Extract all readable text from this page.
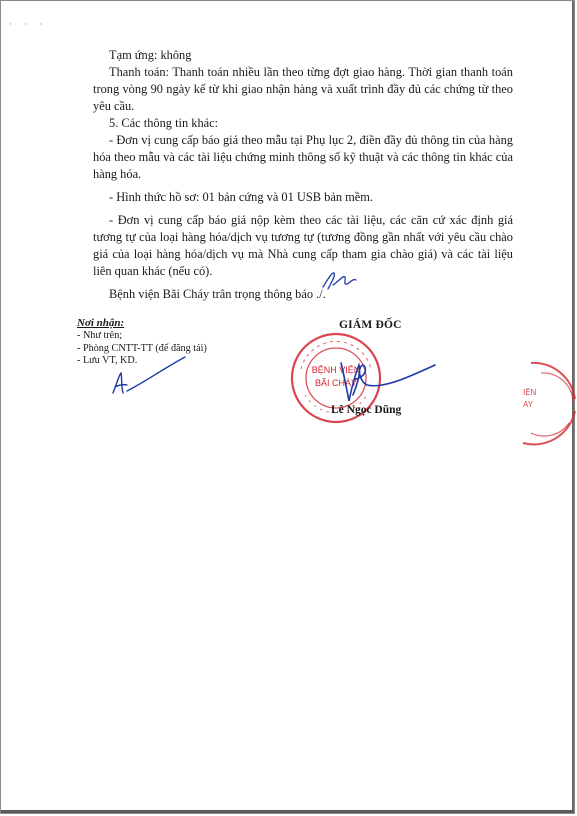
· · ·

Tạm ứng: không

Thanh toán: Thanh toán nhiều lần theo từng đợt giao hàng. Thời gian thanh toán trong vòng 90 ngày kể từ khi giao nhận hàng và xuất trình đầy đủ các chứng từ theo yêu cầu.

5. Các thông tin khác:

- Đơn vị cung cấp báo giá theo mẫu tại Phụ lục 2, điền đầy đủ thông tin của hàng hóa theo mẫu và các tài liệu chứng minh thông số kỹ thuật và các thông tin khác của hàng hóa.

- Hình thức hồ sơ: 01 bản cứng và 01 USB bản mềm.

- Đơn vị cung cấp báo giá nộp kèm theo các tài liệu, các căn cứ xác định giá tương tự của loại hàng hóa/dịch vụ tương tự (tương đồng gần nhất với yêu cầu chào giá của loại hàng hóa/dịch vụ mà Nhà cung cấp tham gia chào giá) và các tài liệu liên quan khác (nếu có).

Bệnh viện Bãi Cháy trân trọng thông báo ./.

Nơi nhận:
- Như trên;
- Phòng CNTT-TT (để đăng tải)
- Lưu VT, KD.
GIÁM ĐỐC
BỆNH VIỆN
BÃI CHÁY
Lê Ngọc Dũng
IỆN
AY
